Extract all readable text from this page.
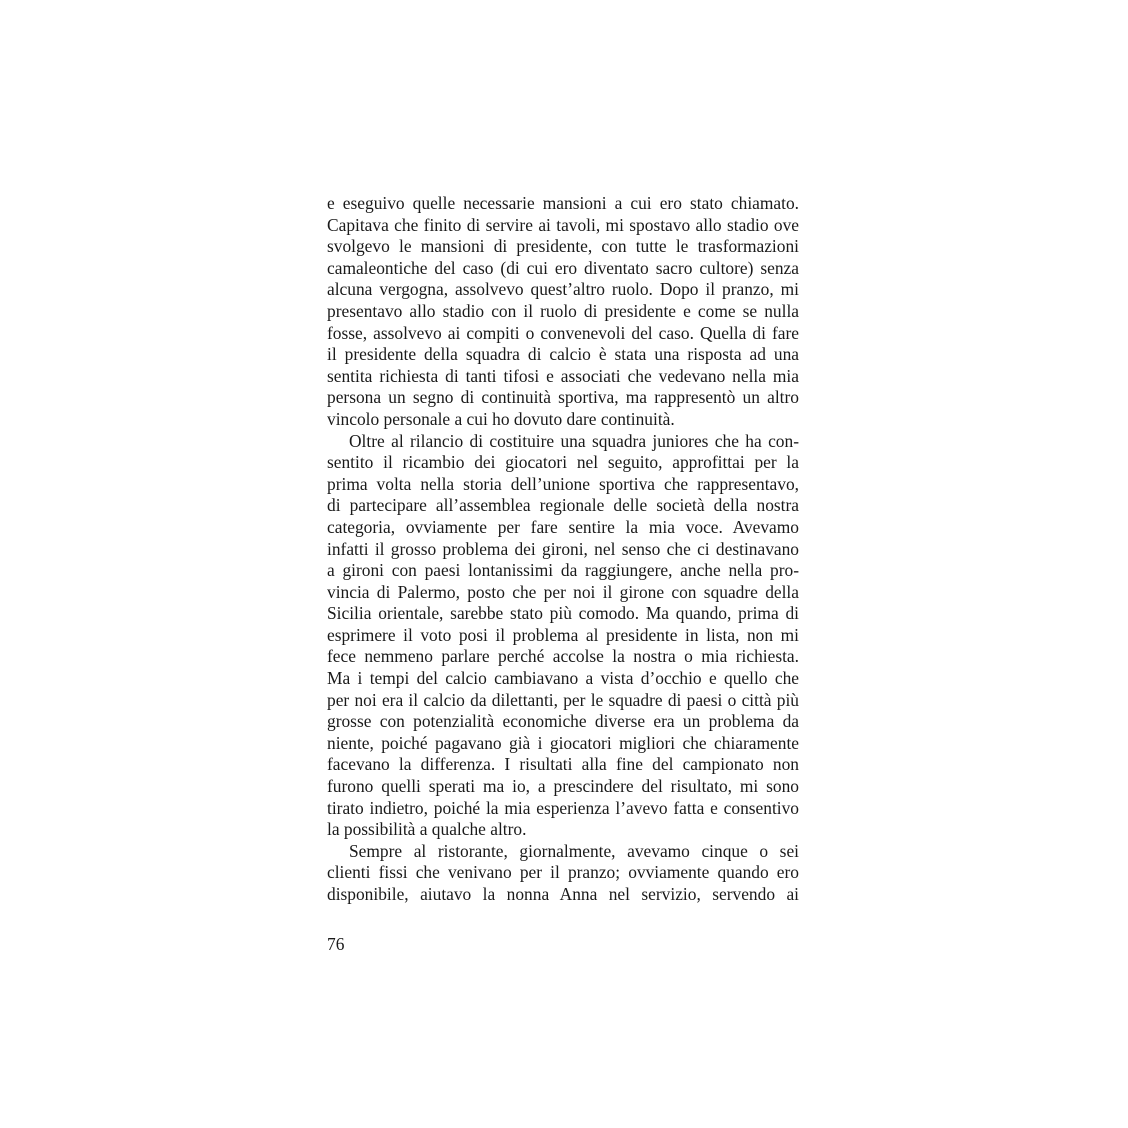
e eseguivo quelle necessarie mansioni a cui ero stato chiamato.
Capitava che finito di servire ai tavoli, mi spostavo allo stadio ove
svolgevo le mansioni di presidente, con tutte le trasformazioni
camaleontiche del caso (di cui ero diventato sacro cultore) senza
alcuna vergogna, assolvevo quest’altro ruolo. Dopo il pranzo, mi
presentavo allo stadio con il ruolo di presidente e come se nulla
fosse, assolvevo ai compiti o convenevoli del caso. Quella di fare
il presidente della squadra di calcio è stata una risposta ad una
sentita richiesta di tanti tifosi e associati che vedevano nella mia
persona un segno di continuità sportiva, ma rappresentò un altro
vincolo personale a cui ho dovuto dare continuità.
Oltre al rilancio di costituire una squadra juniores che ha con-
sentito il ricambio dei giocatori nel seguito, approfittai per la
prima volta nella storia dell’unione sportiva che rappresentavo,
di partecipare all’assemblea regionale delle società della nostra
categoria, ovviamente per fare sentire la mia voce. Avevamo
infatti il grosso problema dei gironi, nel senso che ci destinavano
a gironi con paesi lontanissimi da raggiungere, anche nella pro-
vincia di Palermo, posto che per noi il girone con squadre della
Sicilia orientale, sarebbe stato più comodo. Ma quando, prima di
esprimere il voto posi il problema al presidente in lista, non mi
fece nemmeno parlare perché accolse la nostra o mia richiesta.
Ma i tempi del calcio cambiavano a vista d’occhio e quello che
per noi era il calcio da dilettanti, per le squadre di paesi o città più
grosse con potenzialità economiche diverse era un problema da
niente, poiché pagavano già i giocatori migliori che chiaramente
facevano la differenza. I risultati alla fine del campionato non
furono quelli sperati ma io, a prescindere del risultato, mi sono
tirato indietro, poiché la mia esperienza l’avevo fatta e consentivo
la possibilità a qualche altro.
Sempre al ristorante, giornalmente, avevamo cinque o sei
clienti fissi che venivano per il pranzo; ovviamente quando ero
disponibile, aiutavo la nonna Anna nel servizio, servendo ai
76
